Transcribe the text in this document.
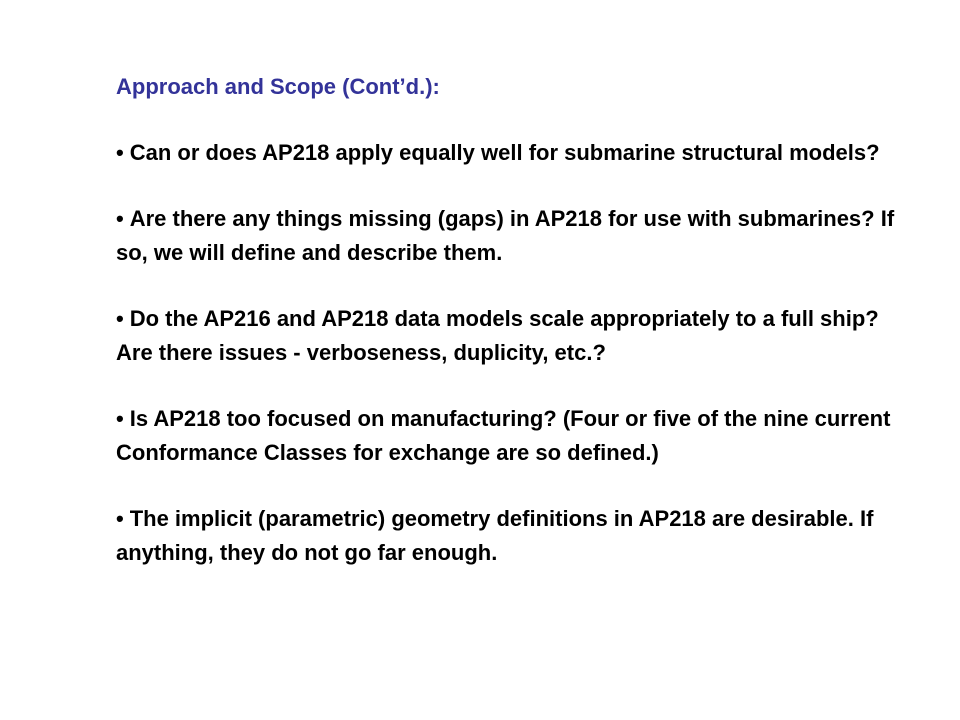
Approach and Scope (Cont’d.):
• Can or does AP218 apply equally well for submarine structural models?
• Are there any things missing (gaps) in AP218 for use with submarines? If so, we will define and describe them.
• Do the AP216 and AP218 data models scale appropriately to a full ship? Are there issues - verboseness, duplicity, etc.?
• Is AP218 too focused on manufacturing? (Four or five of the nine current Conformance Classes for exchange are so defined.)
• The implicit (parametric) geometry definitions in AP218 are desirable. If anything, they do not go far enough.
